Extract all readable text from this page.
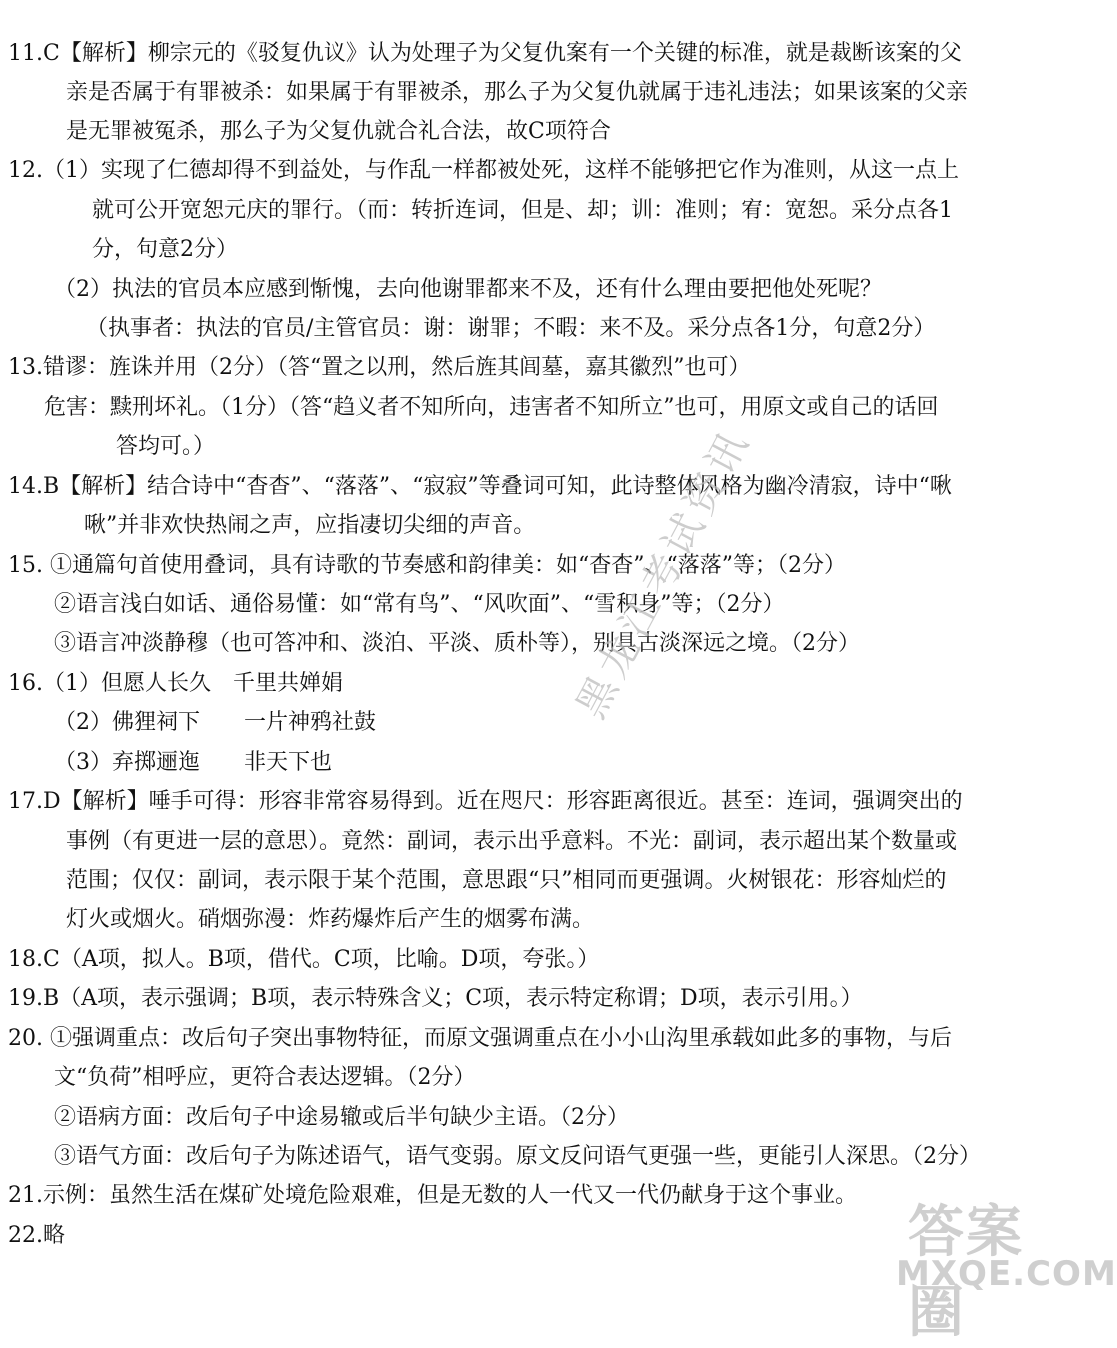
11.C【解析】柳宗元的《驳复仇议》认为处理子为父复仇案有一个关键的标准，就是裁断该案的父
亲是否属于有罪被杀：如果属于有罪被杀，那么子为父复仇就属于违礼违法；如果该案的父亲
是无罪被冤杀，那么子为父复仇就合礼合法，故C项符合
12.（1）实现了仁德却得不到益处，与作乱一样都被处死，这样不能够把它作为准则，从这一点上
就可公开宽恕元庆的罪行。（而：转折连词，但是、却；训：准则；宥：宽恕。采分点各1
分，句意2分）
（2）执法的官员本应感到惭愧，去向他谢罪都来不及，还有什么理由要把他处死呢？
（执事者：执法的官员/主管官员：谢：谢罪；不暇：来不及。采分点各1分，句意2分）
13.错谬：旌诛并用（2分）（答“置之以刑，然后旌其闾墓，嘉其徽烈”也可）
危害：黩刑坏礼。（1分）（答“趋义者不知所向，违害者不知所立”也可，用原文或自己的话回
答均可。）
14.B【解析】结合诗中“杳杳”、“落落”、“寂寂”等叠词可知，此诗整体风格为幽冷清寂，诗中“啾
啾”并非欢快热闹之声，应指凄切尖细的声音。
15. ①通篇句首使用叠词，具有诗歌的节奏感和韵律美：如“杳杳”、“落落”等；（2分）
②语言浅白如话、通俗易懂：如“常有鸟”、“风吹面”、“雪积身”等；（2分）
③语言冲淡静穆（也可答冲和、淡泊、平淡、质朴等），别具古淡深远之境。（2分）
16.（1）但愿人长久　千里共婵娟
（2）佛狸祠下　　一片神鸦社鼓
（3）弃掷逦迤　　非天下也
17.D【解析】唾手可得：形容非常容易得到。近在咫尺：形容距离很近。甚至：连词，强调突出的
事例（有更进一层的意思）。竟然：副词，表示出乎意料。不光：副词，表示超出某个数量或
范围；仅仅：副词，表示限于某个范围，意思跟“只”相同而更强调。火树银花：形容灿烂的
灯火或烟火。硝烟弥漫：炸药爆炸后产生的烟雾布满。
18.C（A项，拟人。B项，借代。C项，比喻。D项，夸张。）
19.B（A项，表示强调；B项，表示特殊含义；C项，表示特定称谓；D项，表示引用。）
20. ①强调重点：改后句子突出事物特征，而原文强调重点在小小山沟里承载如此多的事物，与后
文“负荷”相呼应，更符合表达逻辑。（2分）
②语病方面：改后句子中途易辙或后半句缺少主语。（2分）
③语气方面：改后句子为陈述语气，语气变弱。原文反问语气更强一些，更能引人深思。（2分）
21.示例：虽然生活在煤矿处境危险艰难，但是无数的人一代又一代仍献身于这个事业。
22.略
黑龙江考试资讯
答案圈
MXQE.COM
